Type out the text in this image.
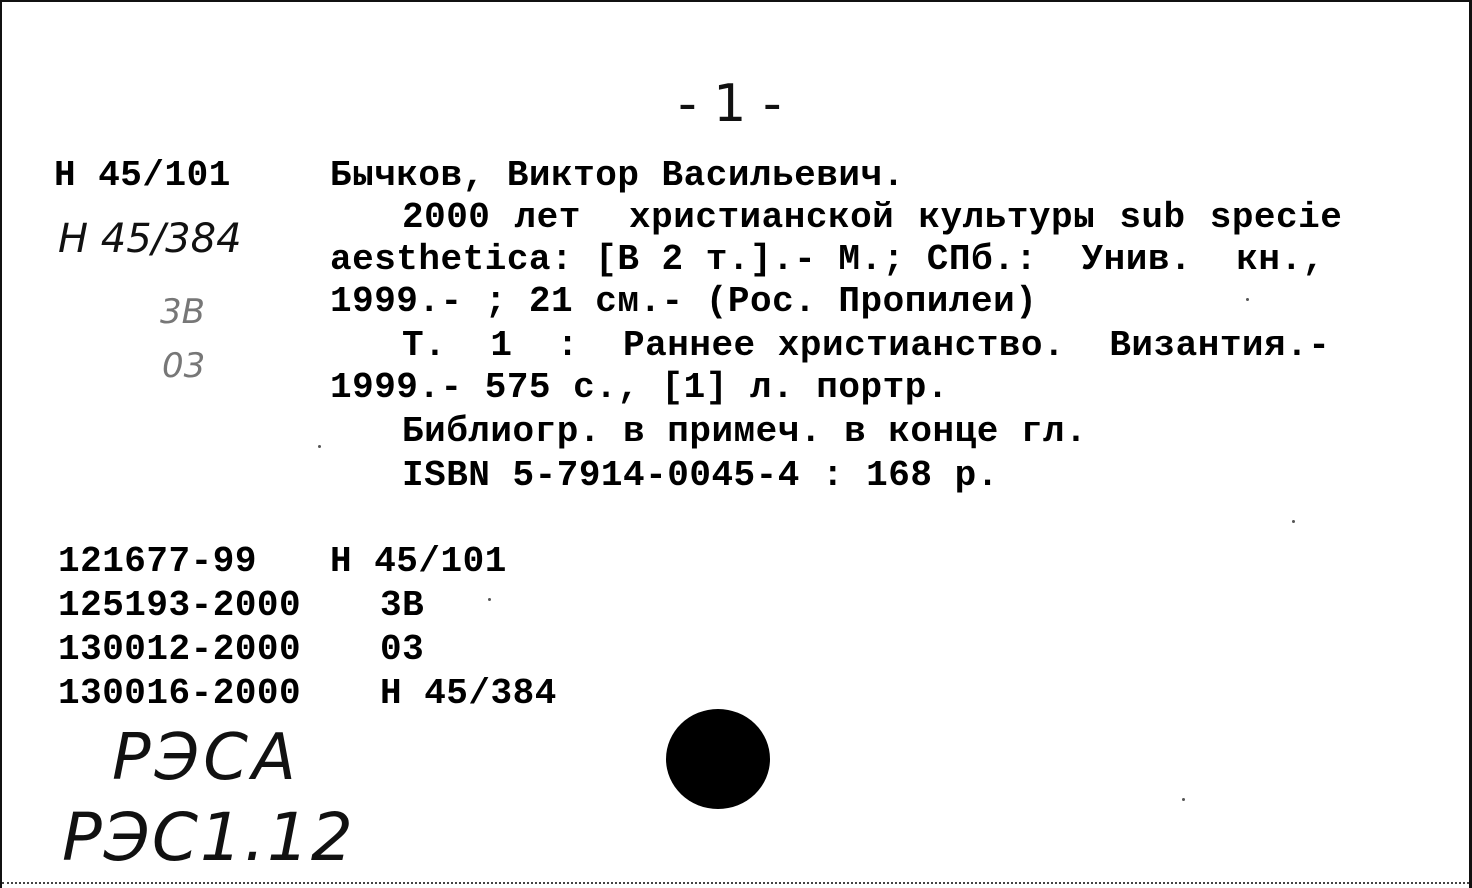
- 1 -
Н 45/101
Н 45/384
3В
03
Бычков, Виктор Васильевич.
2000 лет  христианской культуры sub specie
aesthetica: [В 2 т.].- М.; СПб.:  Унив.  кн.,
1999.- ; 21 см.- (Рос. Пропилеи)
Т.  1  :  Раннее христианство.  Византия.-
1999.- 575 с., [1] л. портр.
Библиогр. в примеч. в конце гл.
ISBN 5-7914-0045-4 : 168 р.
121677-99 Н 45/101
125193-2000 3В
130012-2000 03
130016-2000 Н 45/384
РЭСА
РЭС1.12
